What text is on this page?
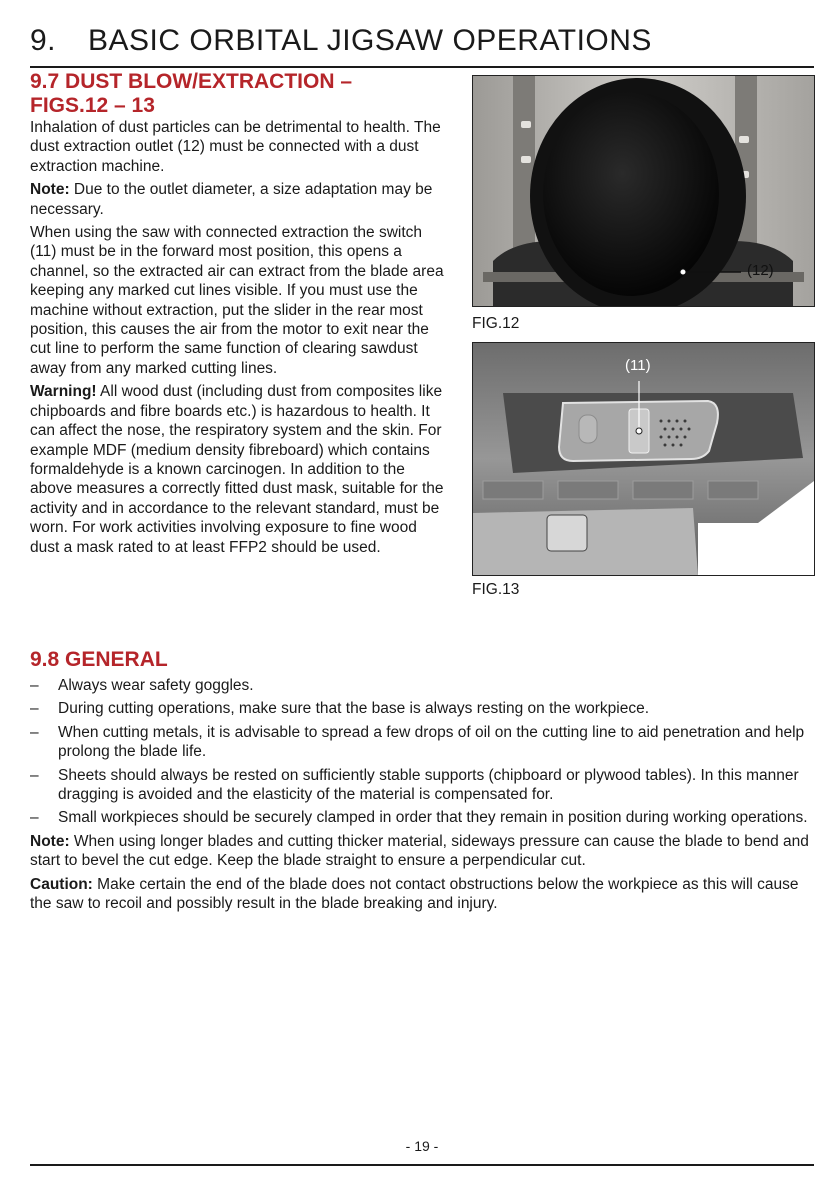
9. BASIC ORBITAL JIGSAW OPERATIONS
9.7 DUST BLOW/EXTRACTION –
FIGS.12 – 13

Inhalation of dust particles can be detrimental to health. The dust extraction outlet (12) must be connected with a dust extraction machine.

Note: Due to the outlet diameter, a size adaptation may be necessary.

When using the saw with connected extraction the switch (11) must be in the forward most position, this opens a channel, so the extracted air can extract from the blade area keeping any marked cut lines visible. If you must use the machine without extraction, put the slider in the rear most position, this causes the air from the motor to exit near the cut line to perform the same function of clearing sawdust away from any marked cutting lines.

Warning! All wood dust (including dust from composites like chipboards and fibre boards etc.) is hazardous to health. It can affect the nose, the respiratory system and the skin. For example MDF (medium density fibreboard) which contains formaldehyde is a known carcinogen. In addition to the above measures a correctly fitted dust mask, suitable for the activity and in accordance to the relevant standard, must be worn. For work activities involving exposure to fine wood dust a mask rated to at least FFP2 should be used.

(12)
FIG.12
(11)
FIG.13
9.8 GENERAL
– Always wear safety goggles.
– During cutting operations, make sure that the base is always resting on the workpiece.
– When cutting metals, it is advisable to spread a few drops of oil on the cutting line to aid penetration and help prolong the blade life.
– Sheets should always be rested on sufficiently stable supports (chipboard or plywood tables). In this manner dragging is avoided and the elasticity of the material is compensated for.
– Small workpieces should be securely clamped in order that they remain in position during working operations.

Note: When using longer blades and cutting thicker material, sideways pressure can cause the blade to bend and start to bevel the cut edge. Keep the blade straight to ensure a perpendicular cut.

Caution: Make certain the end of the blade does not contact obstructions below the workpiece as this will cause the saw to recoil and possibly result in the blade breaking and injury.

- 19 -
